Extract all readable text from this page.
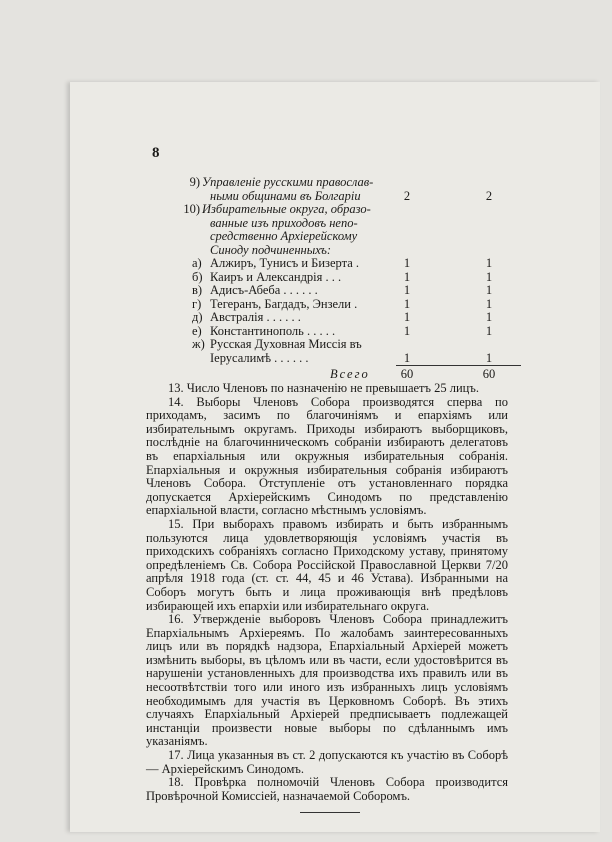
8
9) Управленіе русскими православ-
ными общинами въ Болгаріи	2	2
10) Избирательные округа, образо-
ванные изъ приходовъ непо-
средственно Архіерейскому
Синоду подчиненныхъ:
а) Алжиръ, Тунисъ и Бизерта .	1	1
б) Каиръ и Александрія . . .	1	1
в) Адисъ-Абеба . . . . . .	1	1
г) Тегеранъ, Багдадъ, Энзели .	1	1
д) Австралія . . . . . .	1	1
е) Константинополь . . . . .	1	1
ж) Русская Духовная Миссія въ
Іерусалимѣ . . . . . .	1	1
Всего 60	60

13. Число Членовъ по назначенію не превышаетъ 25 лицъ.

14. Выборы Членовъ Собора производятся сперва по приходамъ, засимъ по благочиніямъ и епархіямъ или избирательнымъ округамъ. Приходы избираютъ выборщиковъ, послѣдніе на благочинническомъ собраніи избираютъ делегатовъ въ епархіальныя или окружныя избирательныя собранія. Епархіальныя и окружныя избирательныя собранія избираютъ Членовъ Собора. Отступленіе отъ установленнаго порядка допускается Архіерейскимъ Синодомъ по представленію епархіальной власти, согласно мѣстнымъ условіямъ.

15. При выборахъ правомъ избирать и быть избраннымъ пользуются лица удовлетворяющія условіямъ участія въ приходскихъ собраніяхъ согласно Приходскому уставу, принятому опредѣленіемъ Св. Собора Россійской Православной Церкви 7/20 апрѣля 1918 года (ст. ст. 44, 45 и 46 Устава). Избранными на Соборъ могутъ быть и лица проживающія внѣ предѣловъ избирающей ихъ епархіи или избирательнаго округа.

16. Утвержденіе выборовъ Членовъ Собора принадлежитъ Епархіальнымъ Архіереямъ. По жалобамъ заинтересованныхъ лицъ или въ порядкѣ надзора, Епархіальный Архіерей можетъ измѣнить выборы, въ цѣломъ или въ части, если удостовѣрится въ нарушеніи установленныхъ для производства ихъ правилъ или въ несоотвѣтствіи того или иного изъ избранныхъ лицъ условіямъ необходимымъ для участія въ Церковномъ Соборѣ. Въ этихъ случаяхъ Епархіальный Архіерей предписываетъ подлежащей инстанціи произвести новые выборы по сдѣланнымъ имъ указаніямъ.

17. Лица указанныя въ ст. 2 допускаются къ участію въ Соборѣ — Архіерейскимъ Синодомъ.

18. Провѣрка полномочій Членовъ Собора производится Провѣрочной Комиссіей, назначаемой Соборомъ.
